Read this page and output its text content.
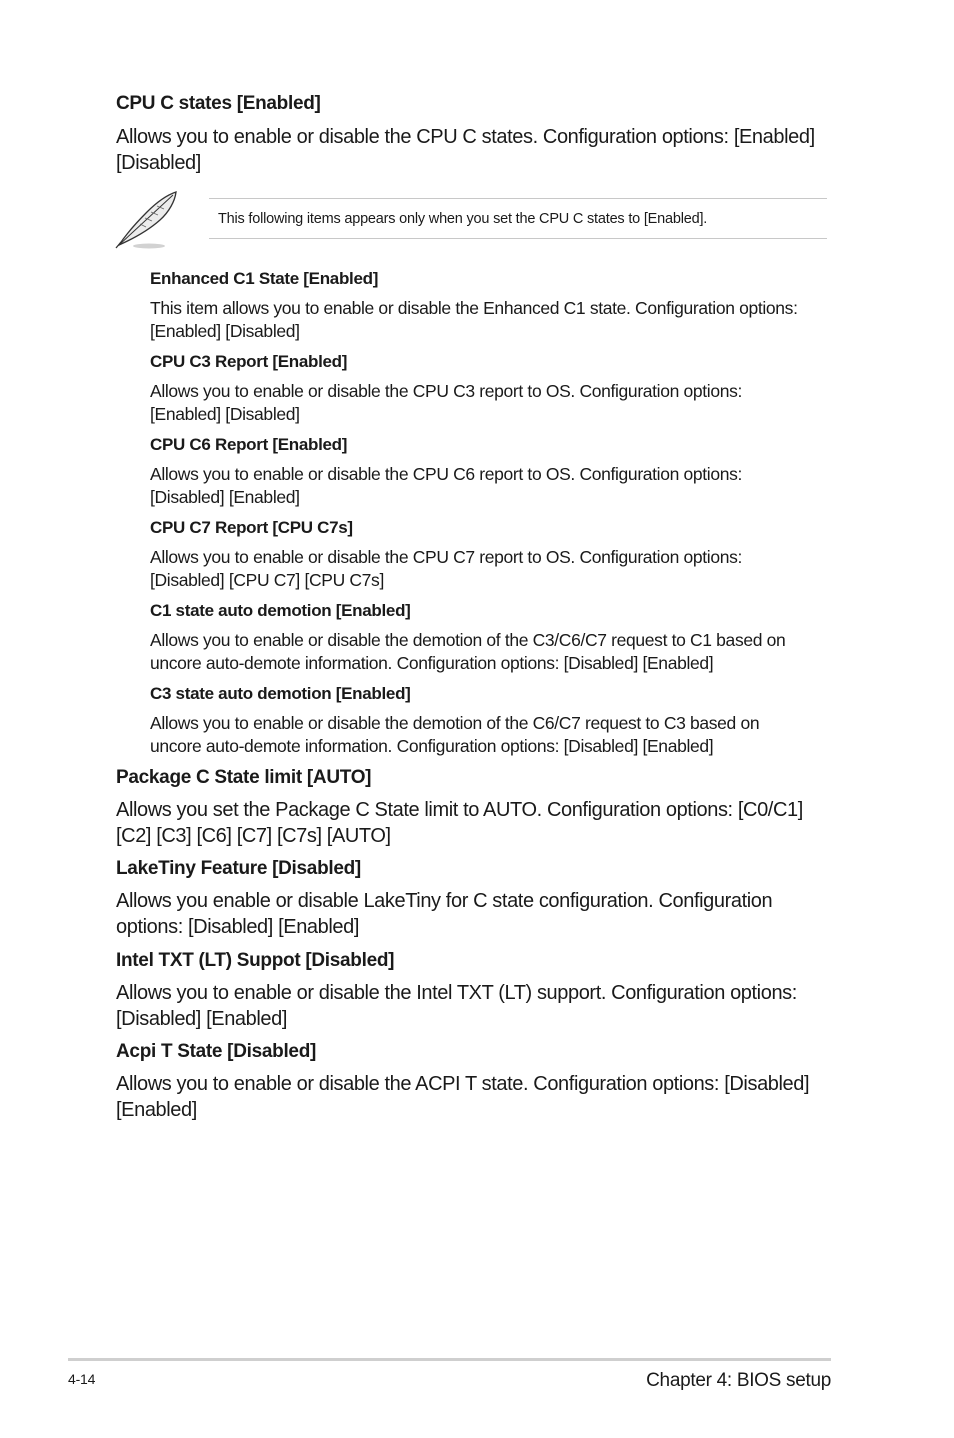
CPU C states [Enabled]
Allows you to enable or disable the CPU C states. Configuration options: [Enabled]
[Disabled]
This following items appears only when you set the CPU C states to [Enabled].
Enhanced C1 State [Enabled]
This item allows you to enable or disable the Enhanced C1 state. Configuration options:
[Enabled] [Disabled]
CPU C3 Report [Enabled]
Allows you to enable or disable the CPU C3 report to OS. Configuration options:
[Enabled] [Disabled]
CPU C6 Report [Enabled]
Allows you to enable or disable the CPU C6 report to OS. Configuration options:
[Disabled] [Enabled]
CPU C7 Report [CPU C7s]
Allows you to enable or disable the CPU C7 report to OS. Configuration options:
[Disabled] [CPU C7] [CPU C7s]
C1 state auto demotion [Enabled]
Allows you to enable or disable the demotion of the C3/C6/C7 request to C1 based on
uncore auto-demote information. Configuration options: [Disabled] [Enabled]
C3 state auto demotion [Enabled]
Allows you to enable or disable the demotion of the C6/C7 request to C3 based on
uncore auto-demote information. Configuration options: [Disabled] [Enabled]
Package C State limit [AUTO]
Allows you set the Package C State limit to AUTO. Configuration options: [C0/C1]
[C2] [C3] [C6] [C7] [C7s] [AUTO]
LakeTiny Feature [Disabled]
Allows you enable or disable LakeTiny for C state configuration. Configuration
options: [Disabled] [Enabled]
Intel TXT (LT) Suppot [Disabled]
Allows you to enable or disable the Intel TXT (LT) support. Configuration options:
[Disabled] [Enabled]
Acpi T State [Disabled]
Allows you to enable or disable the ACPI T state. Configuration options: [Disabled]
[Enabled]
4-14	Chapter 4: BIOS setup
